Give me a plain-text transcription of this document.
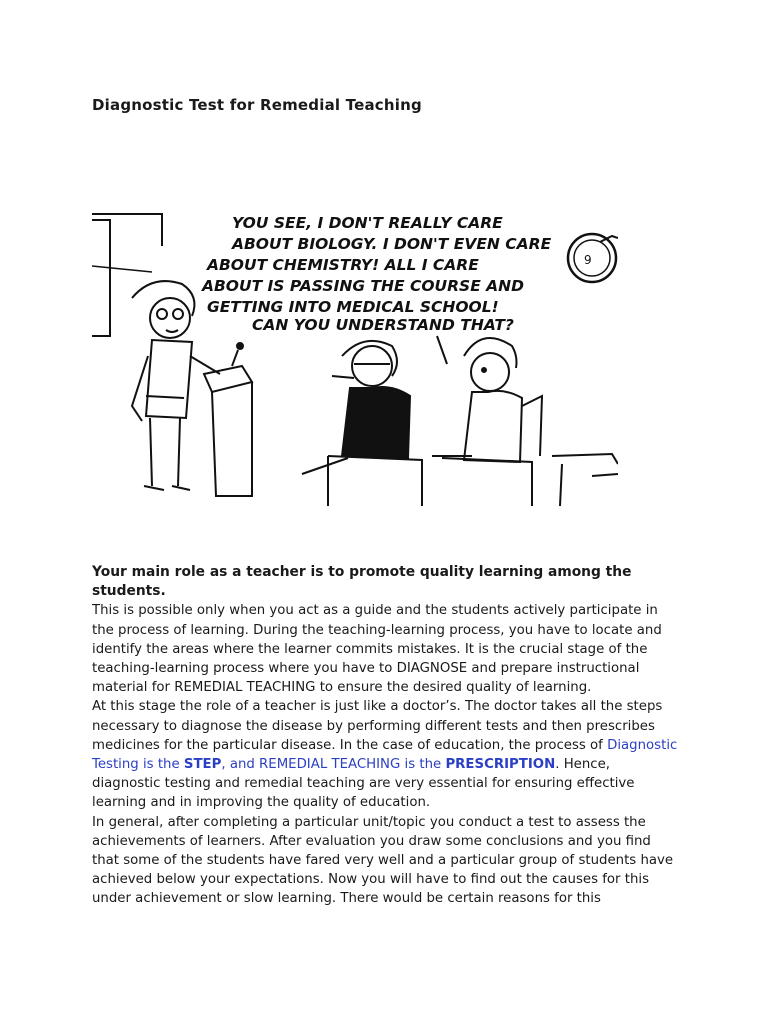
Diagnostic Test for Remedial Teaching
9
YOU SEE, I DON'T REALLY CARE
ABOUT BIOLOGY. I DON'T EVEN CARE
ABOUT CHEMISTRY! ALL I CARE
ABOUT IS PASSING THE COURSE AND
GETTING INTO MEDICAL SCHOOL!
CAN YOU UNDERSTAND THAT?

Your main role as a teacher is to promote quality learning among the students.

This is possible only when you act as a guide and the students actively participate in the process of learning. During the teaching-learning process, you have to locate and identify the areas where the learner commits mistakes. It is the crucial stage of the teaching-learning process where you have to DIAGNOSE and prepare instructional material for REMEDIAL TEACHING to ensure the desired quality of learning.

At this stage the role of a teacher is just like a doctor’s. The doctor takes all the steps necessary to diagnose the disease by performing different tests and then prescribes medicines for the particular disease. In the case of education, the process of Diagnostic Testing is the STEP, and REMEDIAL TEACHING is the PRESCRIPTION. Hence, diagnostic testing and remedial teaching are very essential for ensuring effective learning and in improving the quality of education.

In general, after completing a particular unit/topic you conduct a test to assess the achievements of learners. After evaluation you draw some conclusions and you find that some of the students have fared very well and a particular group of students have achieved below your expectations. Now you will have to find out the causes for this under achievement or slow learning. There would be certain reasons for this
